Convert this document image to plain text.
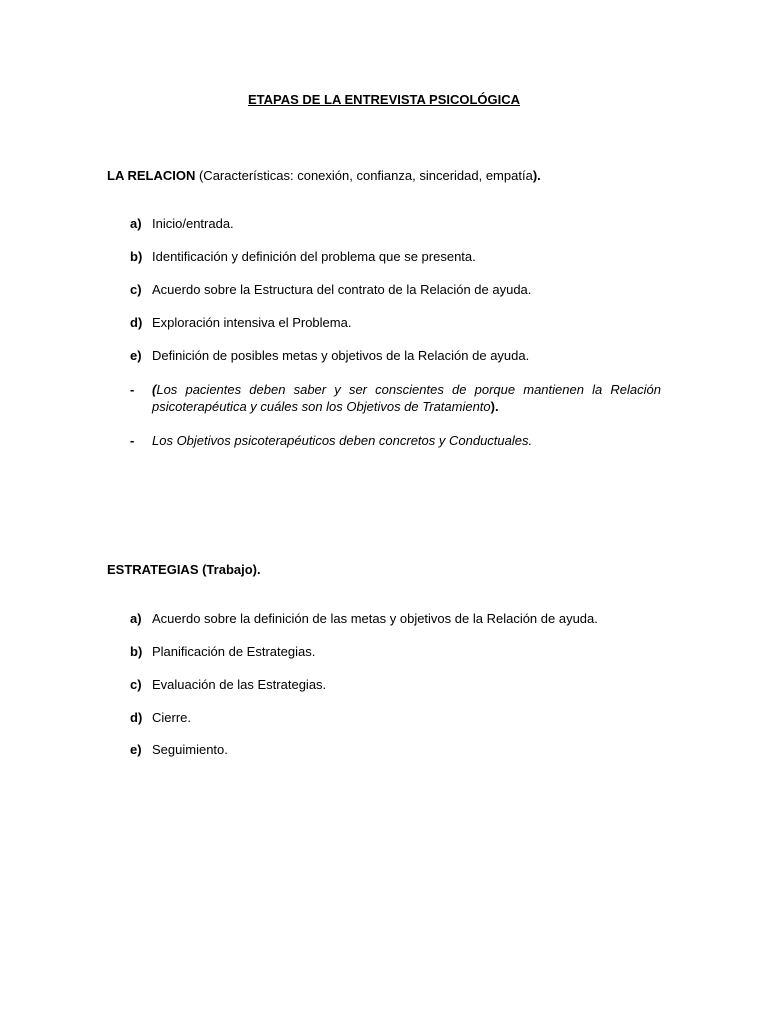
ETAPAS DE LA ENTREVISTA PSICOLÓGICA
LA RELACION (Características: conexión, confianza, sinceridad, empatía).
a) Inicio/entrada.
b) Identificación y definición del problema que se presenta.
c) Acuerdo sobre la Estructura del contrato de la Relación de ayuda.
d) Exploración intensiva el Problema.
e) Definición de posibles metas y objetivos de la Relación de ayuda.
- (Los pacientes deben saber y ser conscientes de porque mantienen la Relación psicoterapéutica y cuáles son los Objetivos de Tratamiento).
- Los Objetivos psicoterapéuticos deben concretos y Conductuales.
ESTRATEGIAS (Trabajo).
a) Acuerdo sobre la definición de las metas y objetivos de la Relación de ayuda.
b) Planificación de Estrategias.
c) Evaluación de las Estrategias.
d) Cierre.
e) Seguimiento.
